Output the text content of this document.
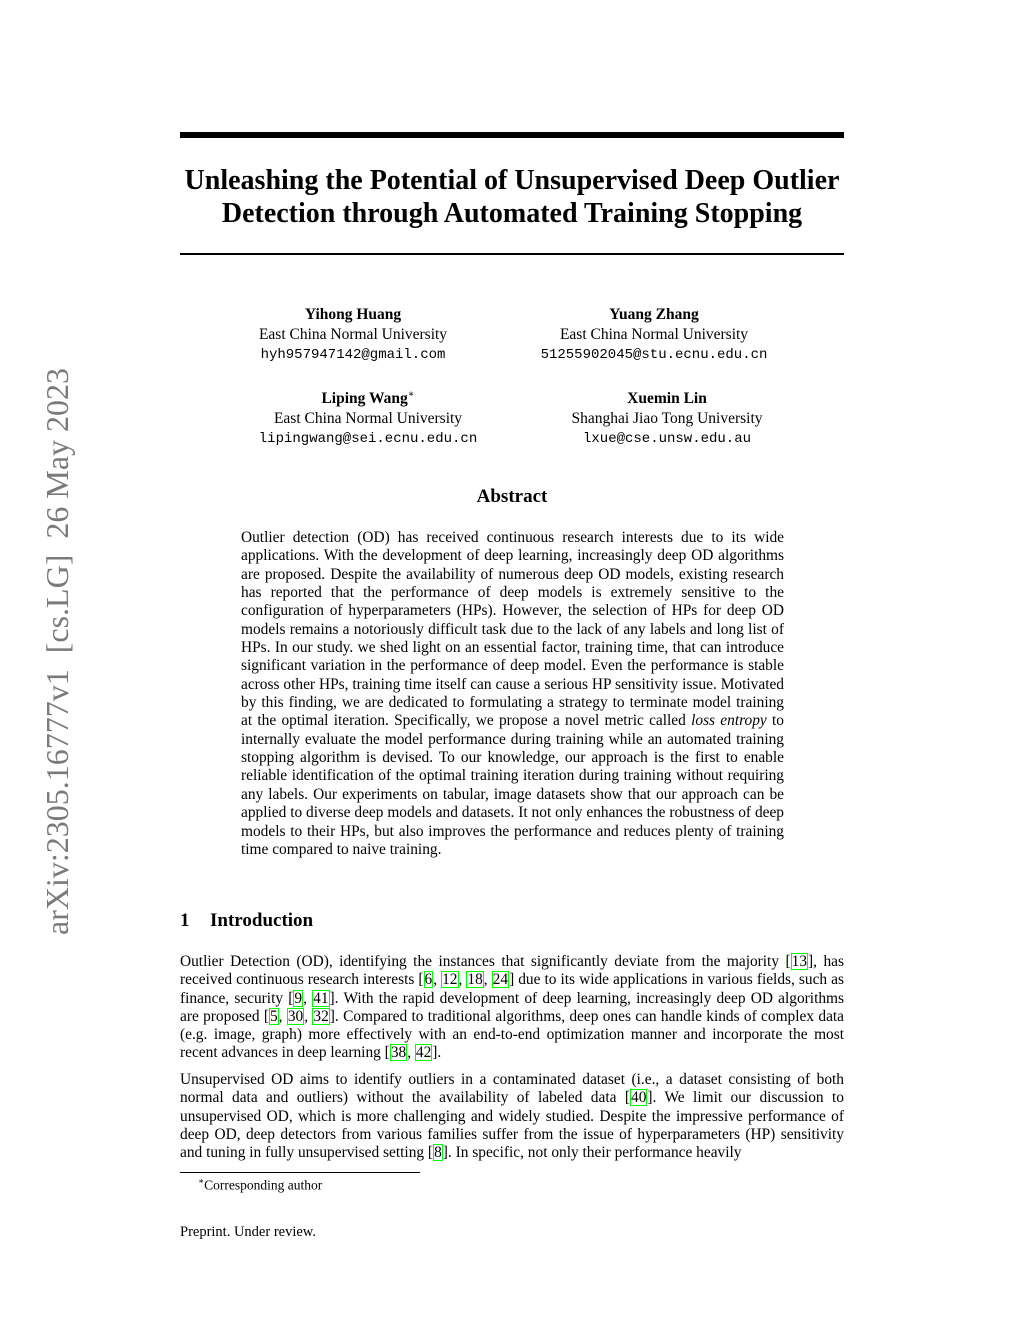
Unleashing the Potential of Unsupervised Deep Outlier
Detection through Automated Training Stopping
arXiv:2305.16777v1  [cs.LG]  26 May 2023
Yihong Huang
East China Normal University
hyh957947142@gmail.com
Yuang Zhang
East China Normal University
51255902045@stu.ecnu.edu.cn
Liping Wang∗
East China Normal University
lipingwang@sei.ecnu.edu.cn
Xuemin Lin
Shanghai Jiao Tong University
lxue@cse.unsw.edu.au
Abstract

Outlier detection (OD) has received continuous research interests due to its wide applications. With the development of deep learning, increasingly deep OD algorithms are proposed. Despite the availability of numerous deep OD models, existing research has reported that the performance of deep models is extremely sensitive to the configuration of hyperparameters (HPs). However, the selection of HPs for deep OD models remains a notoriously difficult task due to the lack of any labels and long list of HPs. In our study. we shed light on an essential factor, training time, that can introduce significant variation in the performance of deep model. Even the performance is stable across other HPs, training time itself can cause a serious HP sensitivity issue. Motivated by this finding, we are dedicated to formulating a strategy to terminate model training at the optimal iteration. Specifically, we propose a novel metric called loss entropy to internally evaluate the model performance during training while an automated training stopping algorithm is devised. To our knowledge, our approach is the first to enable reliable identification of the optimal training iteration during training without requiring any labels. Our experiments on tabular, image datasets show that our approach can be applied to diverse deep models and datasets. It not only enhances the robustness of deep models to their HPs, but also improves the performance and reduces plenty of training time compared to naive training.

1 Introduction

Outlier Detection (OD), identifying the instances that significantly deviate from the majority [13], has received continuous research interests [6, 12, 18, 24] due to its wide applications in various fields, such as finance, security [9, 41]. With the rapid development of deep learning, increasingly deep OD algorithms are proposed [5, 30, 32]. Compared to traditional algorithms, deep ones can handle kinds of complex data (e.g. image, graph) more effectively with an end-to-end optimization manner and incorporate the most recent advances in deep learning [38, 42].

Unsupervised OD aims to identify outliers in a contaminated dataset (i.e., a dataset consisting of both normal data and outliers) without the availability of labeled data [40]. We limit our discussion to unsupervised OD, which is more challenging and widely studied. Despite the impressive performance of deep OD, deep detectors from various families suffer from the issue of hyperparameters (HP) sensitivity and tuning in fully unsupervised setting [8]. In specific, not only their performance heavily

∗Corresponding author

Preprint. Under review.
